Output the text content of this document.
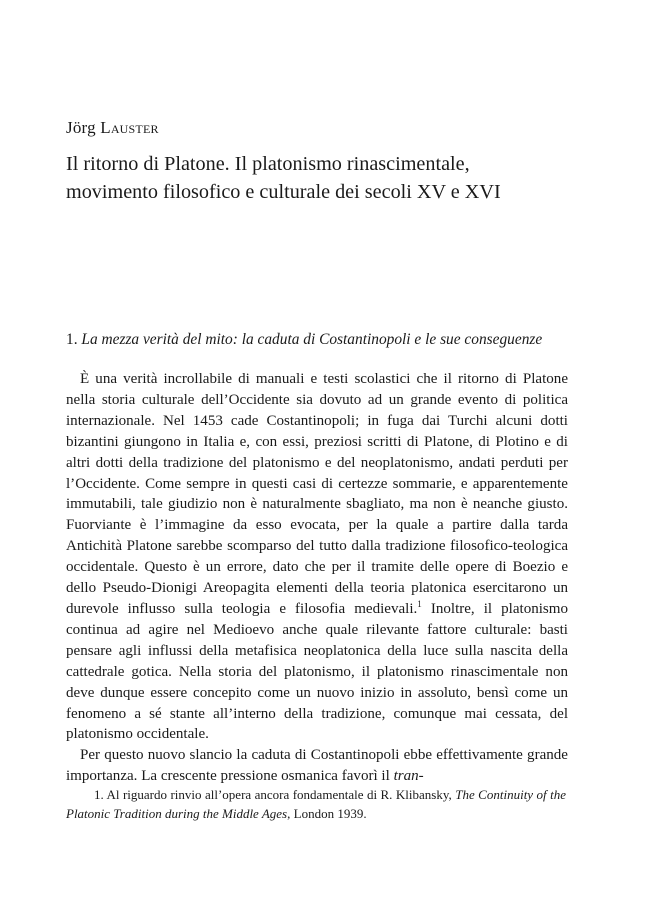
Jörg Lauster
Il ritorno di Platone. Il platonismo rinascimentale,
movimento filosofico e culturale dei secoli XV e XVI
1. La mezza verità del mito: la caduta di Costantinopoli e le sue conseguenze

È una verità incrollabile di manuali e testi scolastici che il ritorno di Platone nella storia culturale dell’Occidente sia dovuto ad un grande evento di politica internazionale. Nel 1453 cade Costantinopoli; in fuga dai Turchi alcuni dotti bizantini giungono in Italia e, con essi, preziosi scritti di Platone, di Plotino e di altri dotti della tradizione del platonismo e del neoplatonismo, andati perduti per l’Occidente. Come sempre in questi casi di certezze sommarie, e apparentemente immutabili, tale giudizio non è naturalmente sbagliato, ma non è neanche giusto. Fuorviante è l’immagine da esso evocata, per la quale a partire dalla tarda Antichità Platone sarebbe scomparso del tutto dalla tradizione filosofico-teologica occidentale. Questo è un errore, dato che per il tramite delle opere di Boezio e dello Pseudo-Dionigi Areopagita elementi della teoria platonica esercitarono un durevole influsso sulla teologia e filosofia medievali.$^1$ Inoltre, il platonismo continua ad agire nel Medioevo anche quale rilevante fattore culturale: basti pensare agli influssi della metafisica neoplatonica della luce sulla nascita della cattedrale gotica. Nella storia del platonismo, il platonismo rinascimentale non deve dunque essere concepito come un nuovo inizio in assoluto, bensì come un fenomeno a sé stante all’interno della tradizione, comunque mai cessata, del platonismo occidentale.

Per questo nuovo slancio la caduta di Costantinopoli ebbe effettivamente grande importanza. La crescente pressione osmanica favorì il tran-

1. Al riguardo rinvio all’opera ancora fondamentale di R. Klibansky, The Continuity of the Platonic Tradition during the Middle Ages, London 1939.
